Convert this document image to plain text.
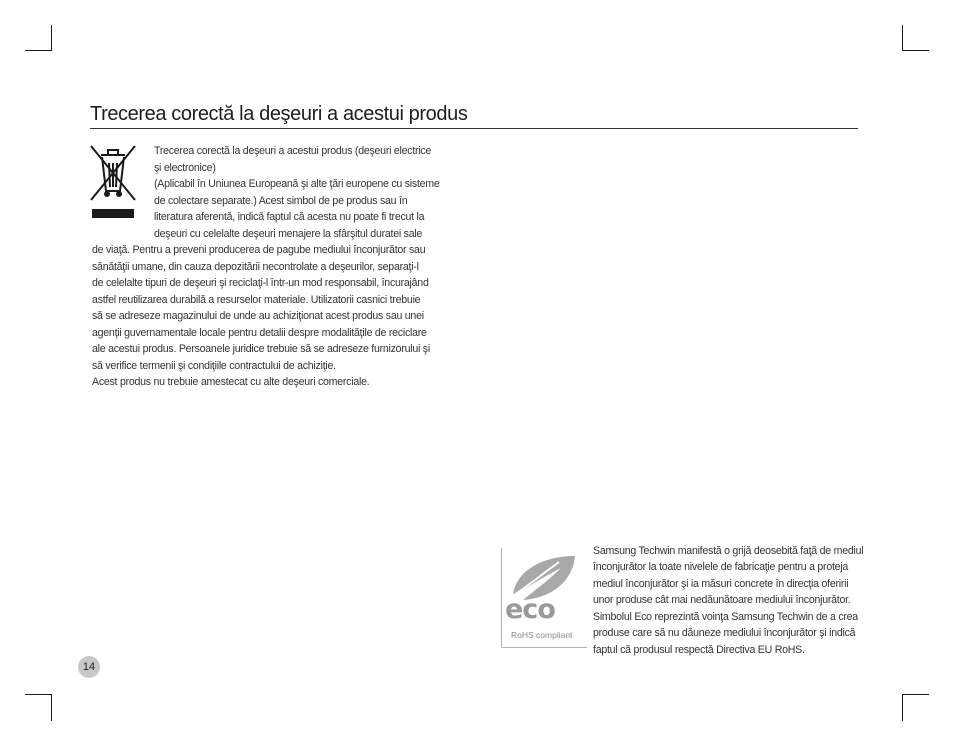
Trecerea corectă la deşeuri a acestui produs
Trecerea corectă la deşeuri a acestui produs (deşeuri electrice
şi electronice)
(Aplicabil în Uniunea Europeană şi alte ţări europene cu sisteme
de colectare separate.) Acest simbol de pe produs sau în
literatura aferentă, indică faptul că acesta nu poate fi trecut la
deşeuri cu celelalte deşeuri menajere la sfârşitul duratei sale
de viaţă. Pentru a preveni producerea de pagube mediului înconjurător sau
sănătăţii umane, din cauza depozitării necontrolate a deşeurilor, separaţi-l
de celelalte tipuri de deşeuri şi reciclaţi-l într-un mod responsabil, încurajând
astfel reutilizarea durabilă a resurselor materiale. Utilizatorii casnici trebuie
să se adreseze magazinului de unde au achiziţionat acest produs sau unei
agenţii guvernamentale locale pentru detalii despre modalităţile de reciclare
ale acestui produs. Persoanele juridice trebuie să se adreseze furnizorului şi
să verifice termenii şi condiţiile contractului de achiziţie.
Acest produs nu trebuie amestecat cu alte deşeuri comerciale.
eco
RoHS compliant
Samsung Techwin manifestă o grijă deosebită faţă de mediul
înconjurător la toate nivelele de fabricaţie pentru a proteja
mediul înconjurător şi ia măsuri concrete în direcţia oferirii
unor produse cât mai nedăunătoare mediului înconjurător.
Simbolul Eco reprezintă voinţa Samsung Techwin de a crea
produse care să nu dăuneze mediului înconjurător şi indică
faptul că produsul respectă Directiva EU RoHS.
14
